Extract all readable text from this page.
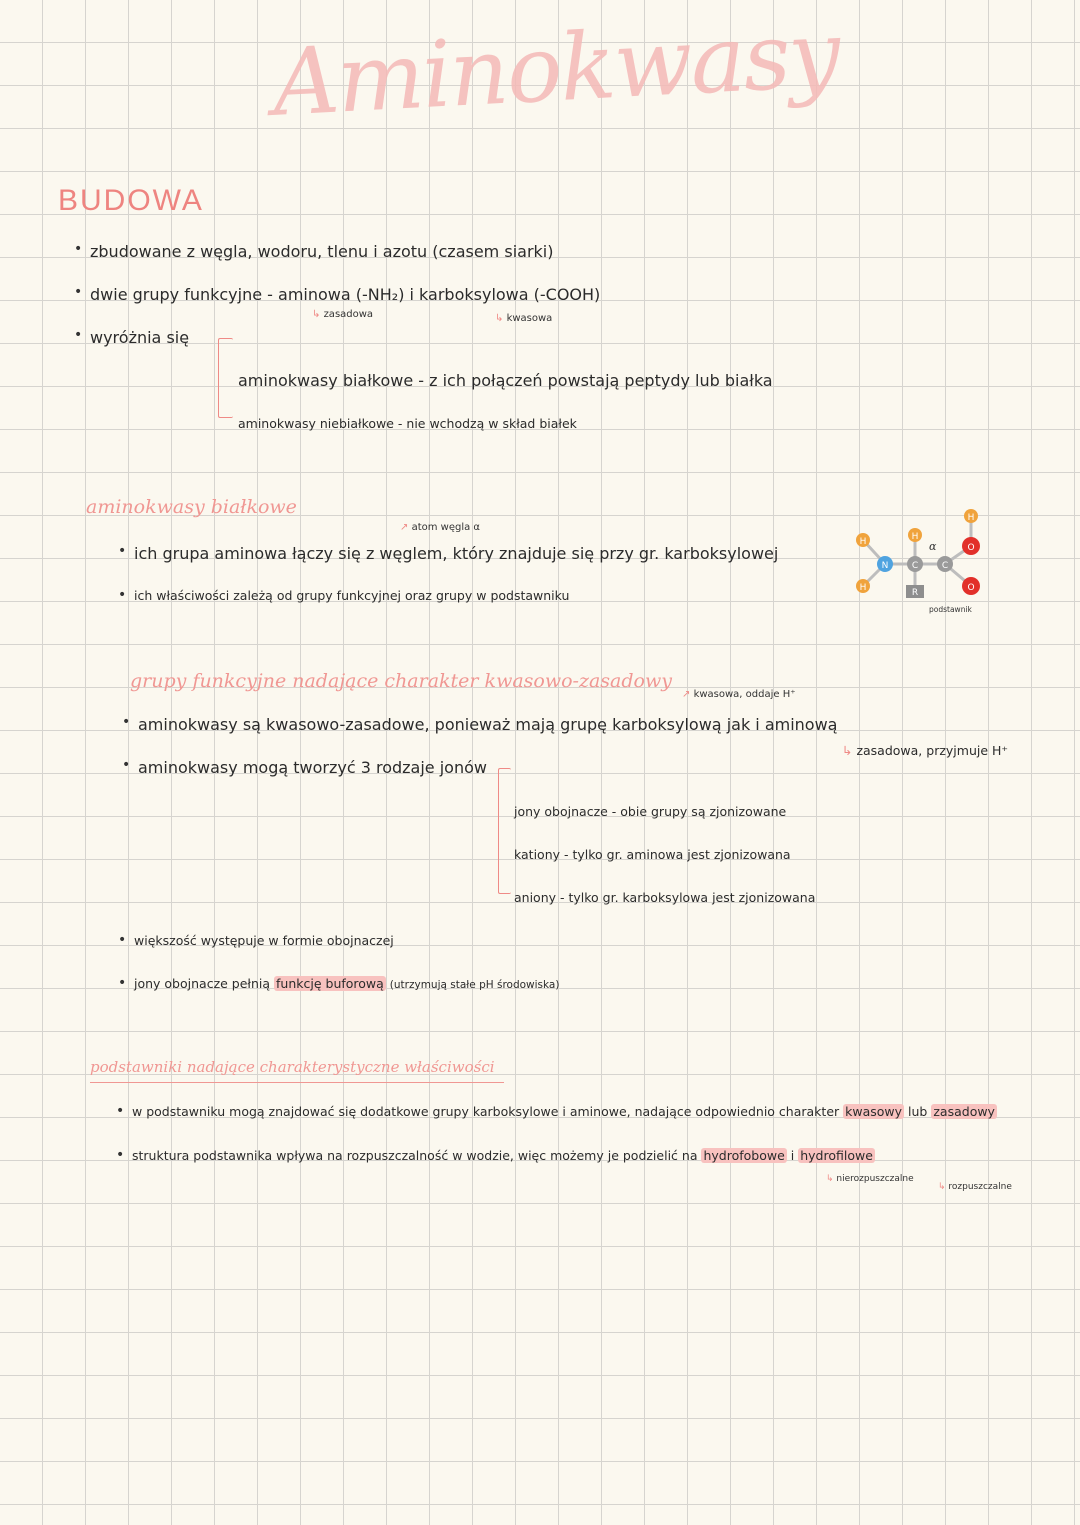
Aminokwasy
BUDOWA
• zbudowane z węgla, wodoru, tlenu i azotu (czasem siarki)
• dwie grupy funkcyjne - aminowa (-NH₂) i karboksylowa (-COOH)
↳ zasadowa	↳ kwasowa
• wyróżnia się
aminokwasy białkowe - z ich połączeń powstają peptydy lub białka
aminokwasy niebiałkowe - nie wchodzą w skład białek
aminokwasy białkowe
↗ atom węgla α
• ich grupa aminowa łączy się z węglem, który znajduje się przy gr. karboksylowej
• ich właściwości zależą od grupy funkcyjnej oraz grupy w podstawniku
H
H
N
H
C
α
C
O
O
H
R
podstawnik
grupy funkcyjne nadające charakter kwasowo-zasadowy
↗ kwasowa, oddaje H⁺
• aminokwasy są kwasowo-zasadowe, ponieważ mają grupę karboksylową jak i aminową
↳ zasadowa, przyjmuje H⁺
• aminokwasy mogą tworzyć 3 rodzaje jonów
jony obojnacze - obie grupy są zjonizowane
kationy - tylko gr. aminowa jest zjonizowana
aniony - tylko gr. karboksylowa jest zjonizowana
• większość występuje w formie obojnaczej
• jony obojnacze pełnią funkcję buforową (utrzymują stałe pH środowiska)
podstawniki nadające charakterystyczne właściwości
• w podstawniku mogą znajdować się dodatkowe grupy karboksylowe i aminowe, nadające odpowiednio charakter kwasowy lub zasadowy
• struktura podstawnika wpływa na rozpuszczalność w wodzie, więc możemy je podzielić na hydrofobowe i hydrofilowe
↳ nierozpuszczalne
↳ rozpuszczalne
